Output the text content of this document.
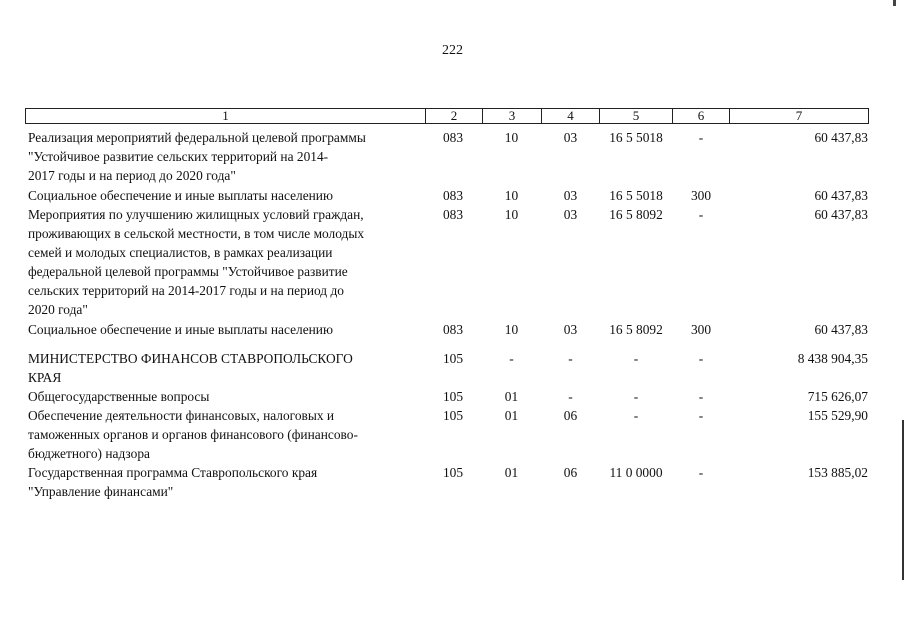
222
1	2	3	4	5	6	7
Реализация мероприятий федеральной целевой программы
"Устойчивое развитие сельских территорий на 2014-
2017 годы и на период до 2020 года"
083	10	03	16 5 5018	-	60 437,83
Социальное обеспечение и иные выплаты населению	083	10	03	16 5 5018	300	60 437,83
Мероприятия по улучшению жилищных условий граждан,
проживающих в сельской местности, в том числе молодых
семей и молодых специалистов, в рамках реализации
федеральной целевой программы "Устойчивое развитие
сельских территорий на 2014-2017 годы и на период до
2020 года"
083	10	03	16 5 8092	-	60 437,83
Социальное обеспечение и иные выплаты населению	083	10	03	16 5 8092	300	60 437,83
МИНИСТЕРСТВО ФИНАНСОВ СТАВРОПОЛЬСКОГО
КРАЯ
105	-	-	-	-	8 438 904,35
Общегосударственные вопросы	105	01	-	-	-	715 626,07
Обеспечение деятельности финансовых, налоговых и
таможенных органов и органов финансового (финансово-
бюджетного) надзора
105	01	06	-	-	155 529,90
Государственная программа Ставропольского края
"Управление финансами"
105	01	06	11 0 0000	-	153 885,02
